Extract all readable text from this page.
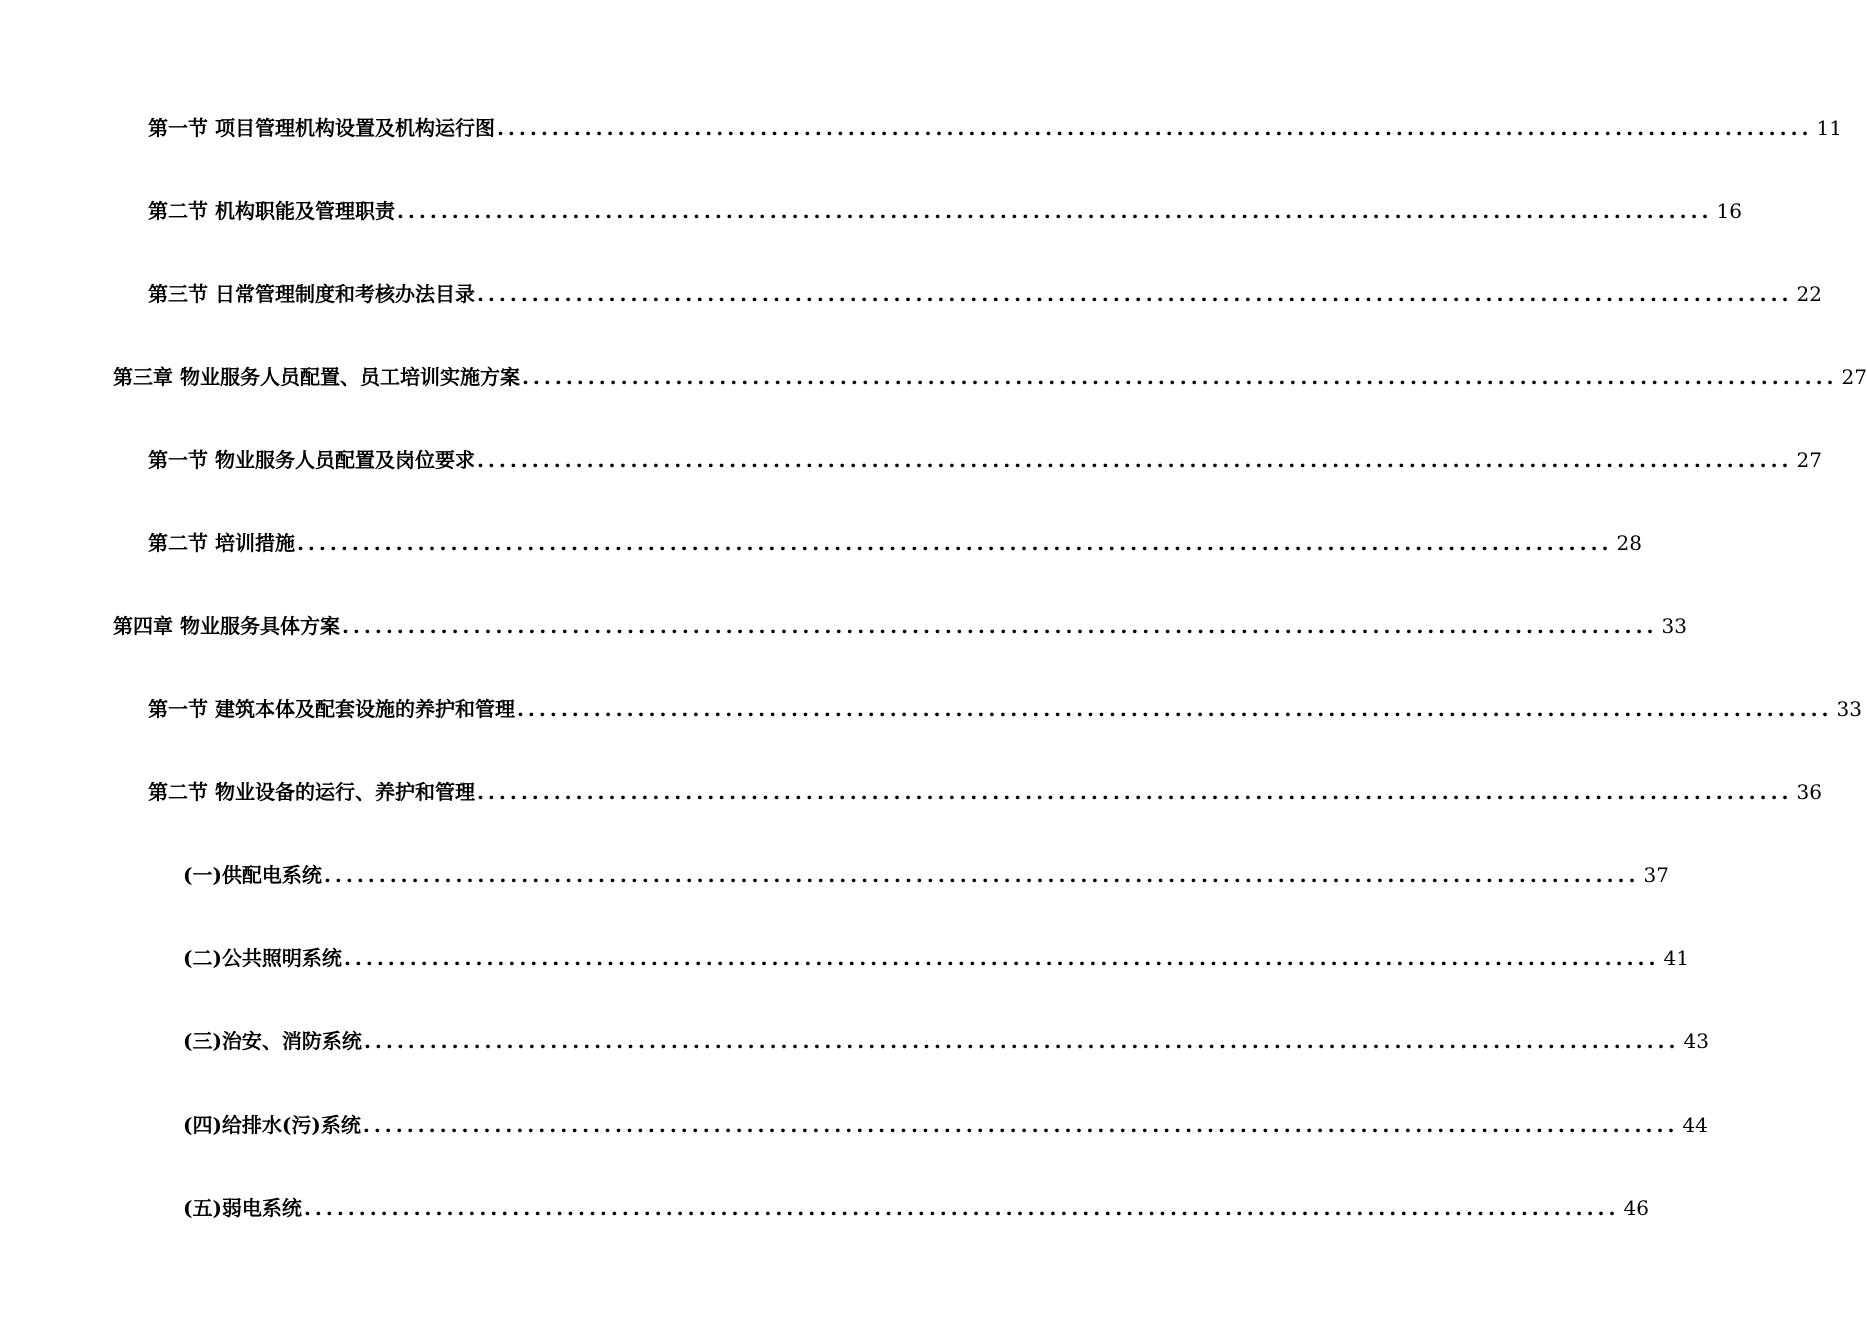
第一节 项目管理机构设置及机构运行图 ........................................................................................................................ 11
第二节 机构职能及管理职责 ........................................................................................................................ 16
第三节 日常管理制度和考核办法目录 ........................................................................................................................ 22
第三章 物业服务人员配置、员工培训实施方案 ........................................................................................................................ 27
第一节 物业服务人员配置及岗位要求 ........................................................................................................................ 27
第二节 培训措施 ........................................................................................................................ 28
第四章 物业服务具体方案 ........................................................................................................................ 33
第一节 建筑本体及配套设施的养护和管理 ........................................................................................................................ 33
第二节 物业设备的运行、养护和管理 ........................................................................................................................ 36
(一)供配电系统 ........................................................................................................................ 37
(二)公共照明系统 ........................................................................................................................ 41
(三)治安、消防系统 ........................................................................................................................ 43
(四)给排水(污)系统 ........................................................................................................................ 44
(五)弱电系统 ........................................................................................................................ 46
